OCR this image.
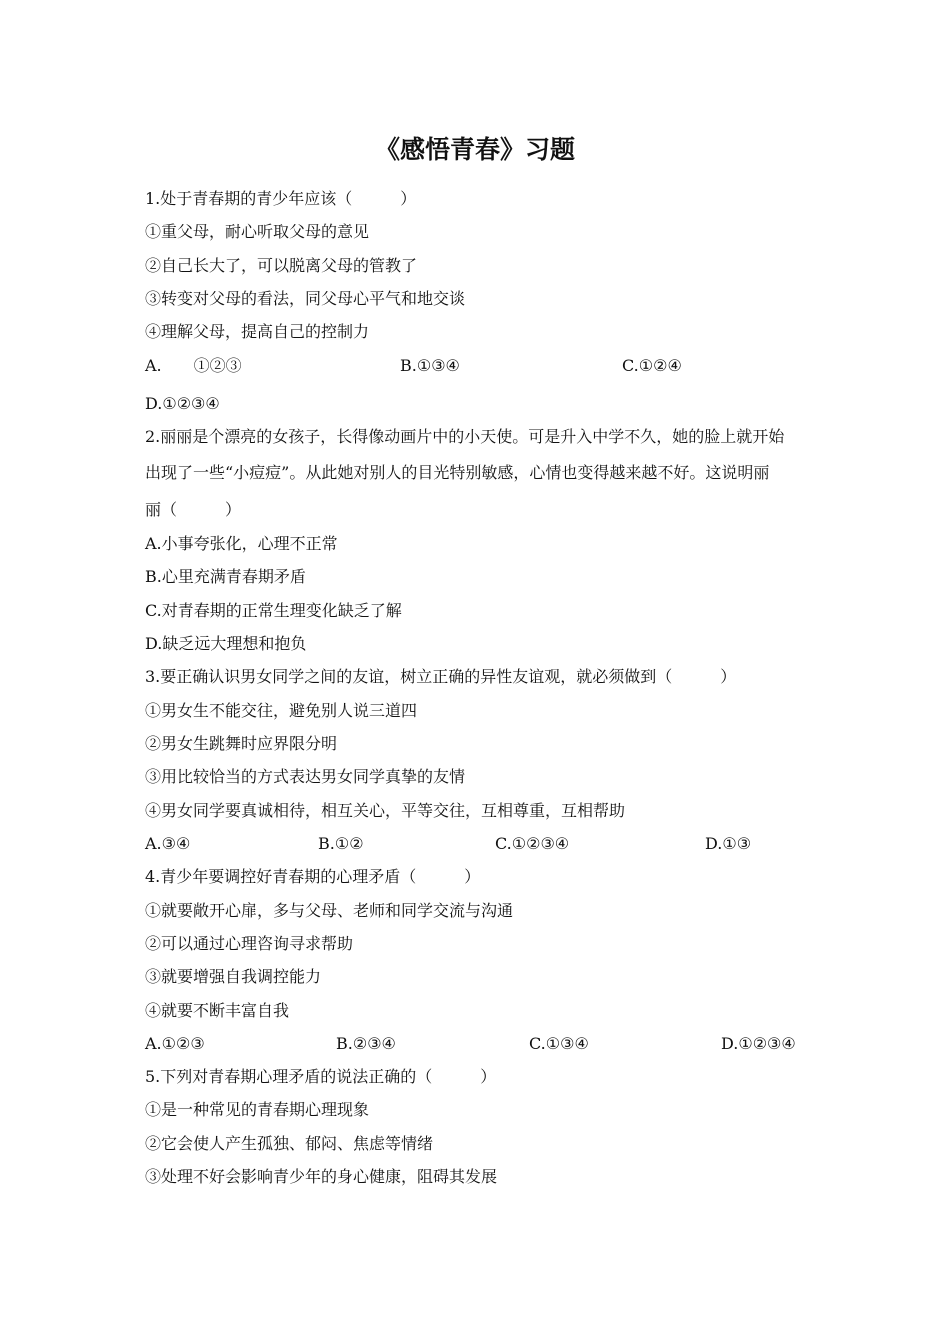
《感悟青春》习题
1.处于青春期的青少年应该（　　　）
①重父母，耐心听取父母的意见
②自己长大了，可以脱离父母的管教了
③转变对父母的看法，同父母心平气和地交谈
④理解父母，提高自己的控制力
A.　　①②③	B.①③④	C.①②④
D.①②③④
2.丽丽是个漂亮的女孩子，长得像动画片中的小天使。可是升入中学不久，她的脸上就开始
出现了一些“小痘痘”。从此她对别人的目光特别敏感，心情也变得越来越不好。这说明丽
丽（　　　）
A.小事夸张化，心理不正常
B.心里充满青春期矛盾
C.对青春期的正常生理变化缺乏了解
D.缺乏远大理想和抱负
3.要正确认识男女同学之间的友谊，树立正确的异性友谊观，就必须做到（　　　）
①男女生不能交往，避免别人说三道四
②男女生跳舞时应界限分明
③用比较恰当的方式表达男女同学真挚的友情
④男女同学要真诚相待，相互关心，平等交往，互相尊重，互相帮助
A.③④	B.①②	C.①②③④	D.①③
4.青少年要调控好青春期的心理矛盾（　　　）
①就要敞开心扉，多与父母、老师和同学交流与沟通
②可以通过心理咨询寻求帮助
③就要增强自我调控能力
④就要不断丰富自我
A.①②③	B.②③④	C.①③④	D.①②③④
5.下列对青春期心理矛盾的说法正确的（　　　）
①是一种常见的青春期心理现象
②它会使人产生孤独、郁闷、焦虑等情绪
③处理不好会影响青少年的身心健康，阻碍其发展
